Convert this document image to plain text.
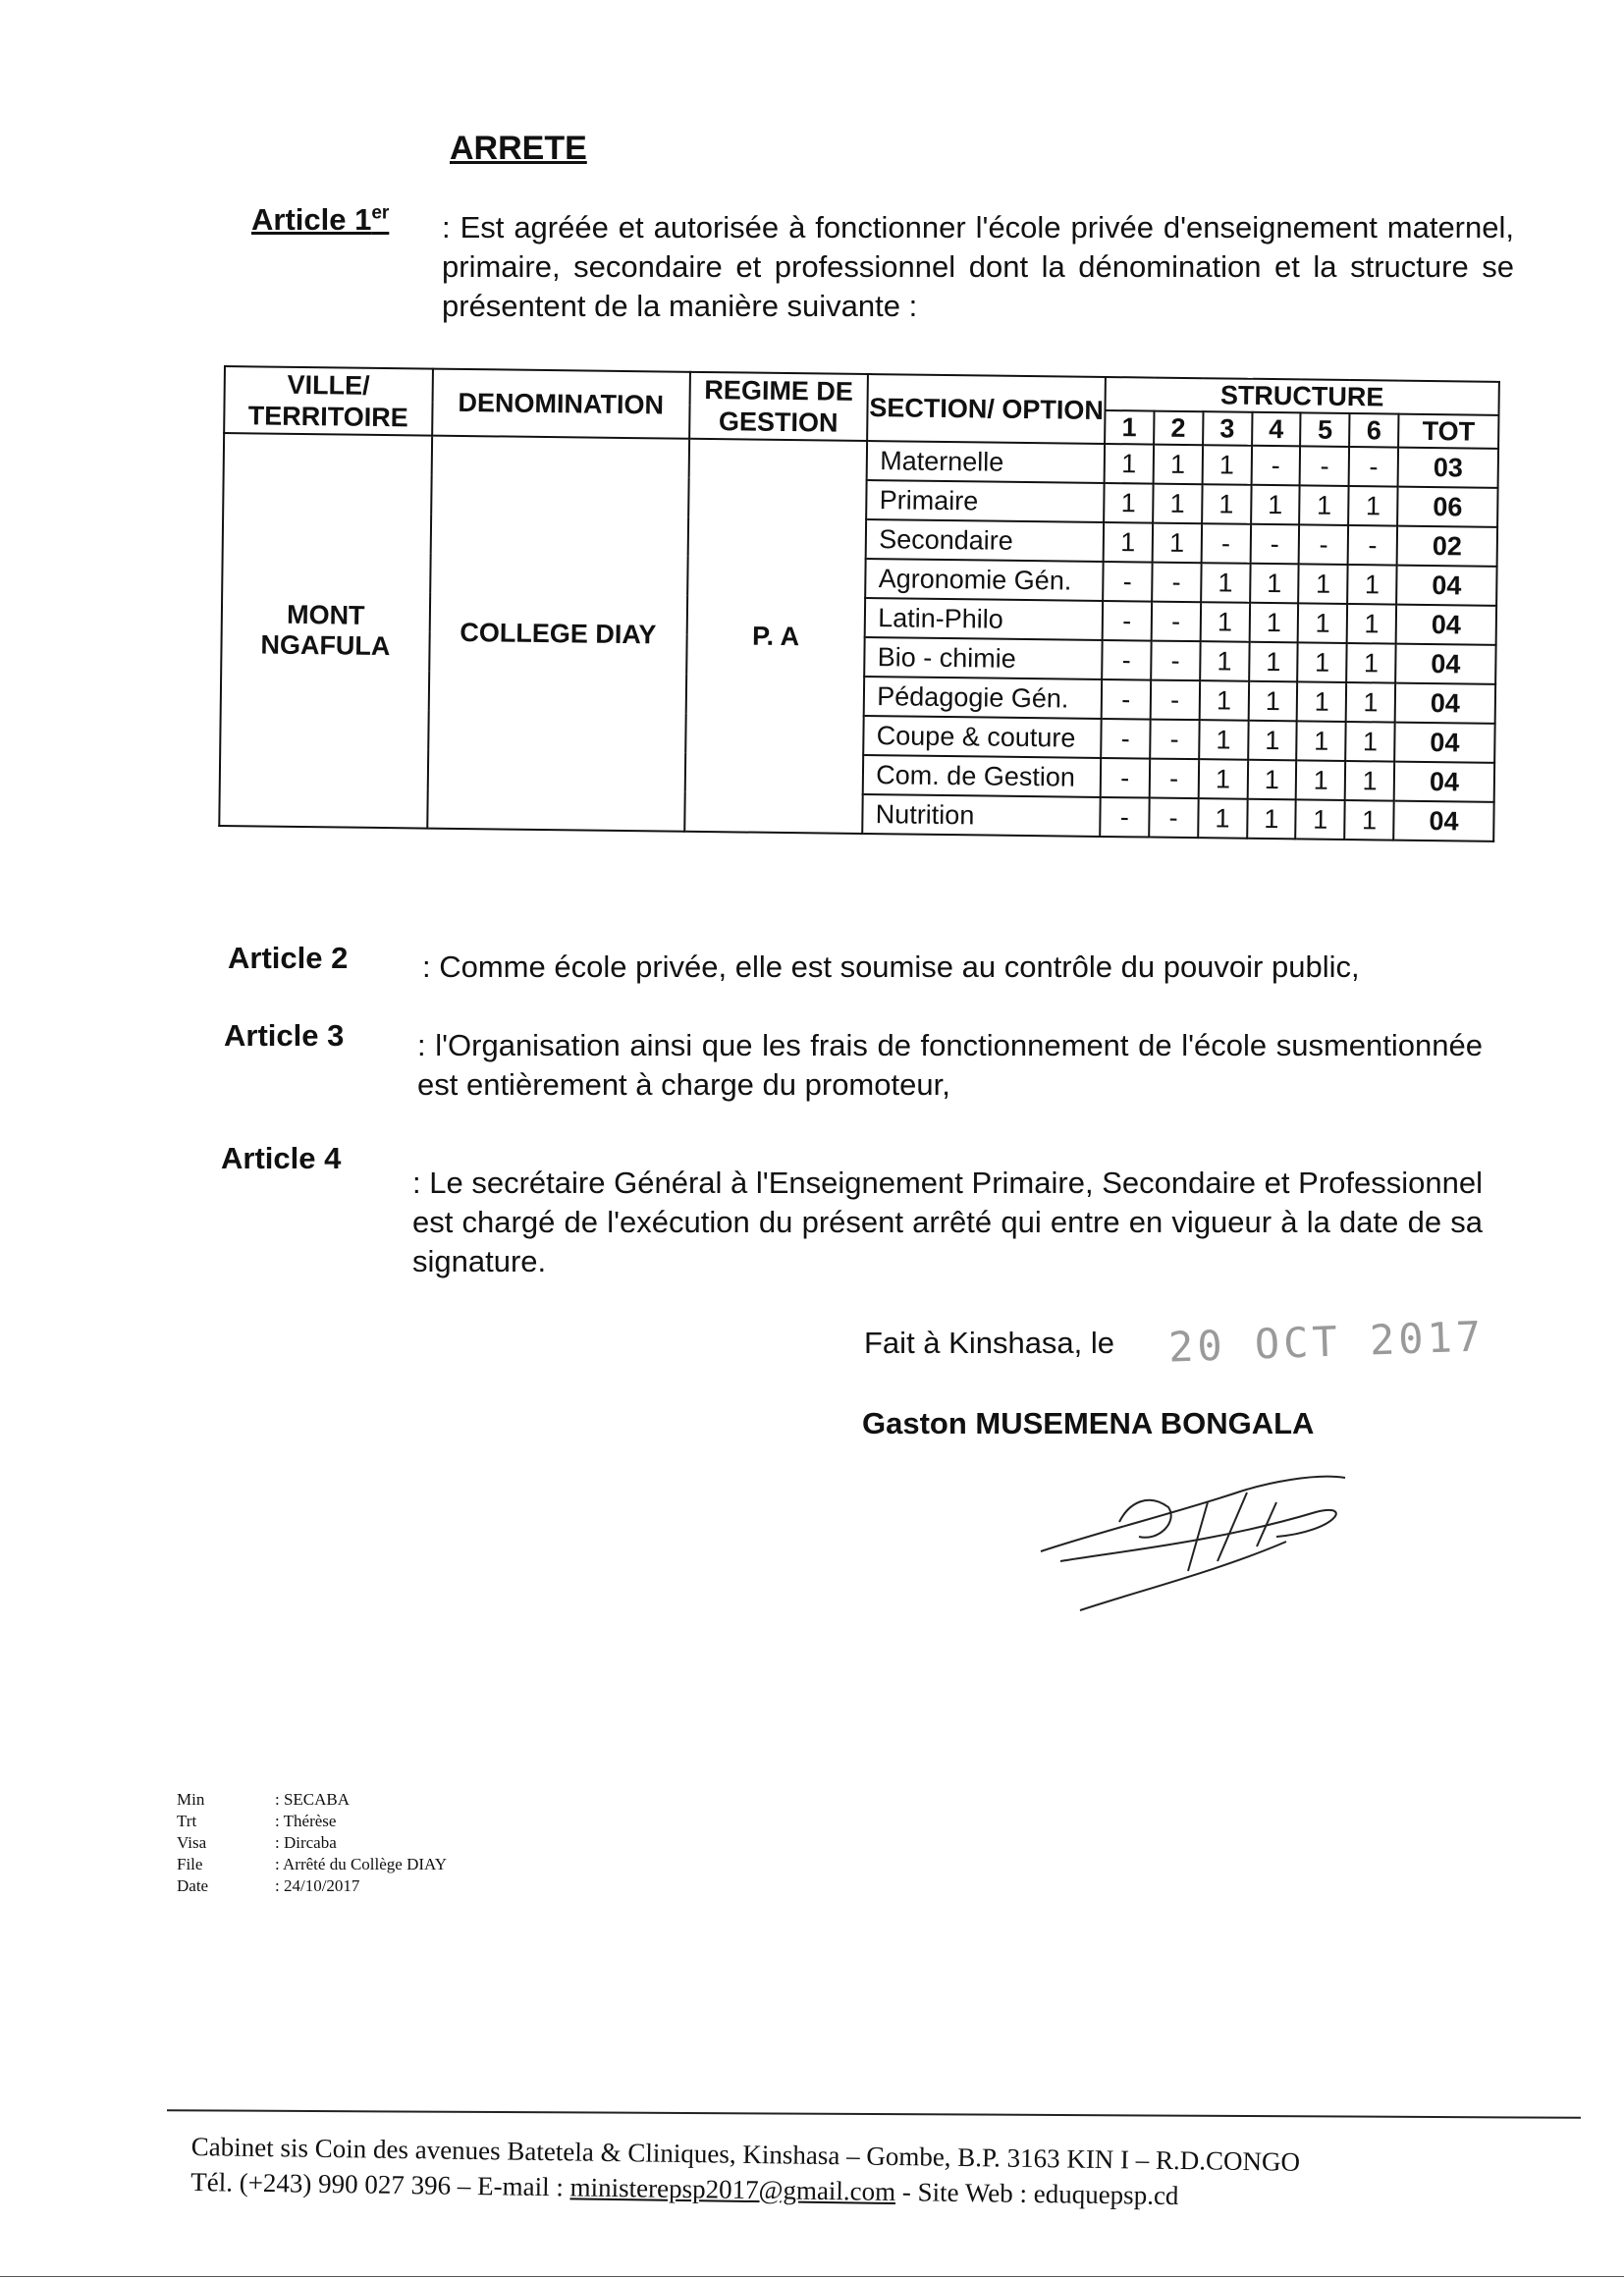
ARRETE
Article 1er : Est agréée et autorisée à fonctionner l'école privée d'enseignement maternel, primaire, secondaire et professionnel dont la dénomination et la structure se présentent de la manière suivante :
VILLE/ TERRITOIRE	DENOMINATION	REGIME DE GESTION	SECTION/ OPTION	STRUCTURE						
				1	2	3	4	5	6	TOT
MONT NGAFULA	COLLEGE DIAY	P. A	Maternelle	1	1	1	-	-	-	03
			Primaire	1	1	1	1	1	1	06
			Secondaire	1	1	-	-	-	-	02
			Agronomie Gén.	-	-	1	1	1	1	04
			Latin-Philo	-	-	1	1	1	1	04
			Bio - chimie	-	-	1	1	1	1	04
			Pédagogie Gén.	-	-	1	1	1	1	04
			Coupe & couture	-	-	1	1	1	1	04
			Com. de Gestion	-	-	1	1	1	1	04
			Nutrition	-	-	1	1	1	1	04
Article 2 : Comme école privée, elle est soumise au contrôle du pouvoir public,
Article 3 : l'Organisation ainsi que les frais de fonctionnement de l'école susmentionnée est entièrement à charge du promoteur,
Article 4
: Le secrétaire Général à l'Enseignement Primaire, Secondaire et Professionnel est chargé de l'exécution du présent arrêté qui entre en vigueur à la date de sa signature.
Fait à Kinshasa, le 20 OCT 2017
Gaston MUSEMENA BONGALA
Min	: SECABA
Trt	: Thérèse
Visa	: Dircaba
File	: Arrêté du Collège DIAY
Date	: 24/10/2017
Cabinet sis Coin des avenues Batetela & Cliniques, Kinshasa – Gombe, B.P. 3163 KIN I – R.D.CONGO
Tél. (+243) 990 027 396 – E-mail : ministerepsp2017@gmail.com - Site Web : eduquepsp.cd
